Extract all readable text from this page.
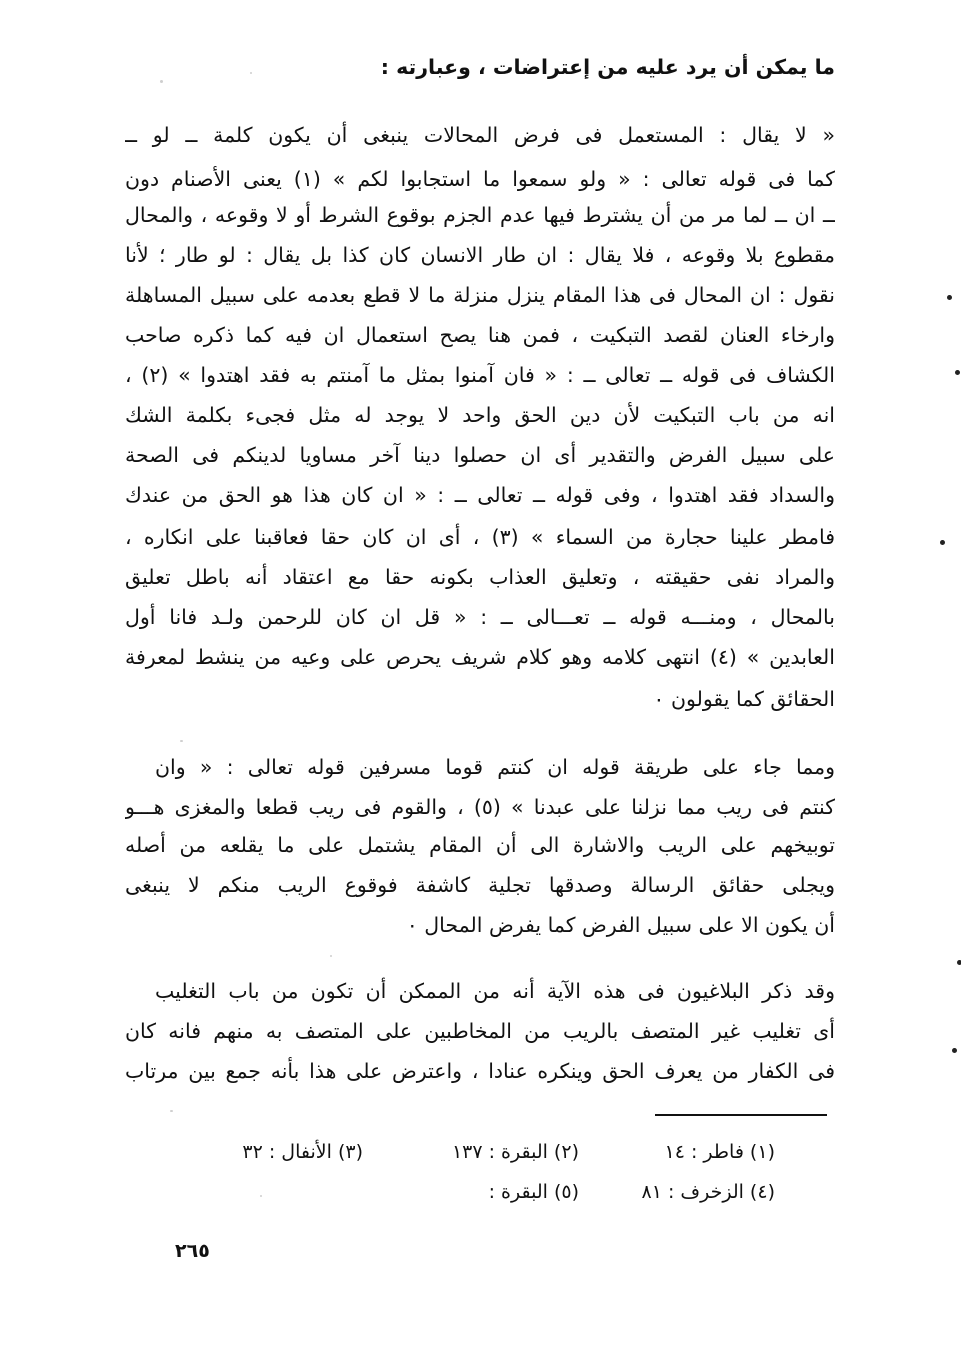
ما يمكن أن يرد عليه من إعتراضات ، وعبارته :
« لا يقال : المستعمل فى فرض المحالات ينبغى أن يكون كلمة ــ لو ــ
كما فى قوله تعالى : « ولو سمعوا ما استجابوا لكم » (١) يعنى الأصنام دون
ــ ان ــ لما مر من أن يشترط فيها عدم الجزم بوقوع الشرط أو لا وقوعه ، والمحال
مقطوع بلا وقوعه ، فلا يقال : ان طار الانسان كان كذا بل يقال : لو طار ؛ لأنا
نقول : ان المحال فى هذا المقام ينزل منزلة ما لا قطع بعدمه على سبيل المساهلة
وارخاء العنان لقصد التبكيت ، فمن هنا يصح استعمال ان فيه كما ذكره صاحب
الكشاف فى قوله ــ تعالى ــ : « فان آمنوا بمثل ما آمنتم به فقد اهتدوا » (٢) ،
انه من باب التبكيت لأن دين الحق واحد لا يوجد له مثل فجىء بكلمة الشك
على سبيل الفرض والتقدير أى ان حصلوا دينا آخر مساويا لدينكم فى الصحة
والسداد فقد اهتدوا ، وفى قوله ــ تعالى ــ : « ان كان هذا هو الحق من عندك
فامطر علينا حجارة من السماء » (٣) ، أى ان كان حقا فعاقبنا على انكاره ،
والمراد نفى حقيقته ، وتعليق العذاب بكونه حقا مع اعتقاد أنه باطل تعليق
بالمحال ، ومنـــه قوله ــ تعـــالى ــ : « قل ان كان للرحمن ولـد فانا أول
العابدين » (٤) انتهى كلامه وهو كلام شريف يحرص على وعيه من ينشط لمعرفة
الحقائق كما يقولون ٠
ومما جاء على طريقة قوله ان كنتم قوما مسرفين قوله تعالى : « وان
كنتم فى ريب مما نزلنا على عبدنا » (٥) ، والقوم فى ريب قطعا والمغزى هـــو
توبيخهم على الريب والاشارة الى أن المقام يشتمل على ما يقلعه من أصله
ويجلى حقائق الرسالة وصدقها تجلية كاشفة فوقوع الريب منكم لا ينبغى
أن يكون الا على سبيل الفرض كما يفرض المحال ٠
وقد ذكر البلاغيون فى هذه الآية أنه من الممكن أن تكون من باب التغليب
أى تغليب غير المتصف بالريب من المخاطبين على المتصف به منهم فانه كان
فى الكفار من يعرف الحق وينكره عنادا ، واعترض على هذا بأنه جمع بين مرتاب
(١) فاطر : ١٤
(٢) البقرة : ١٣٧
(٣) الأنفال : ٣٢
(٤) الزخرف : ٨١
(٥) البقرة :
٢٦٥
